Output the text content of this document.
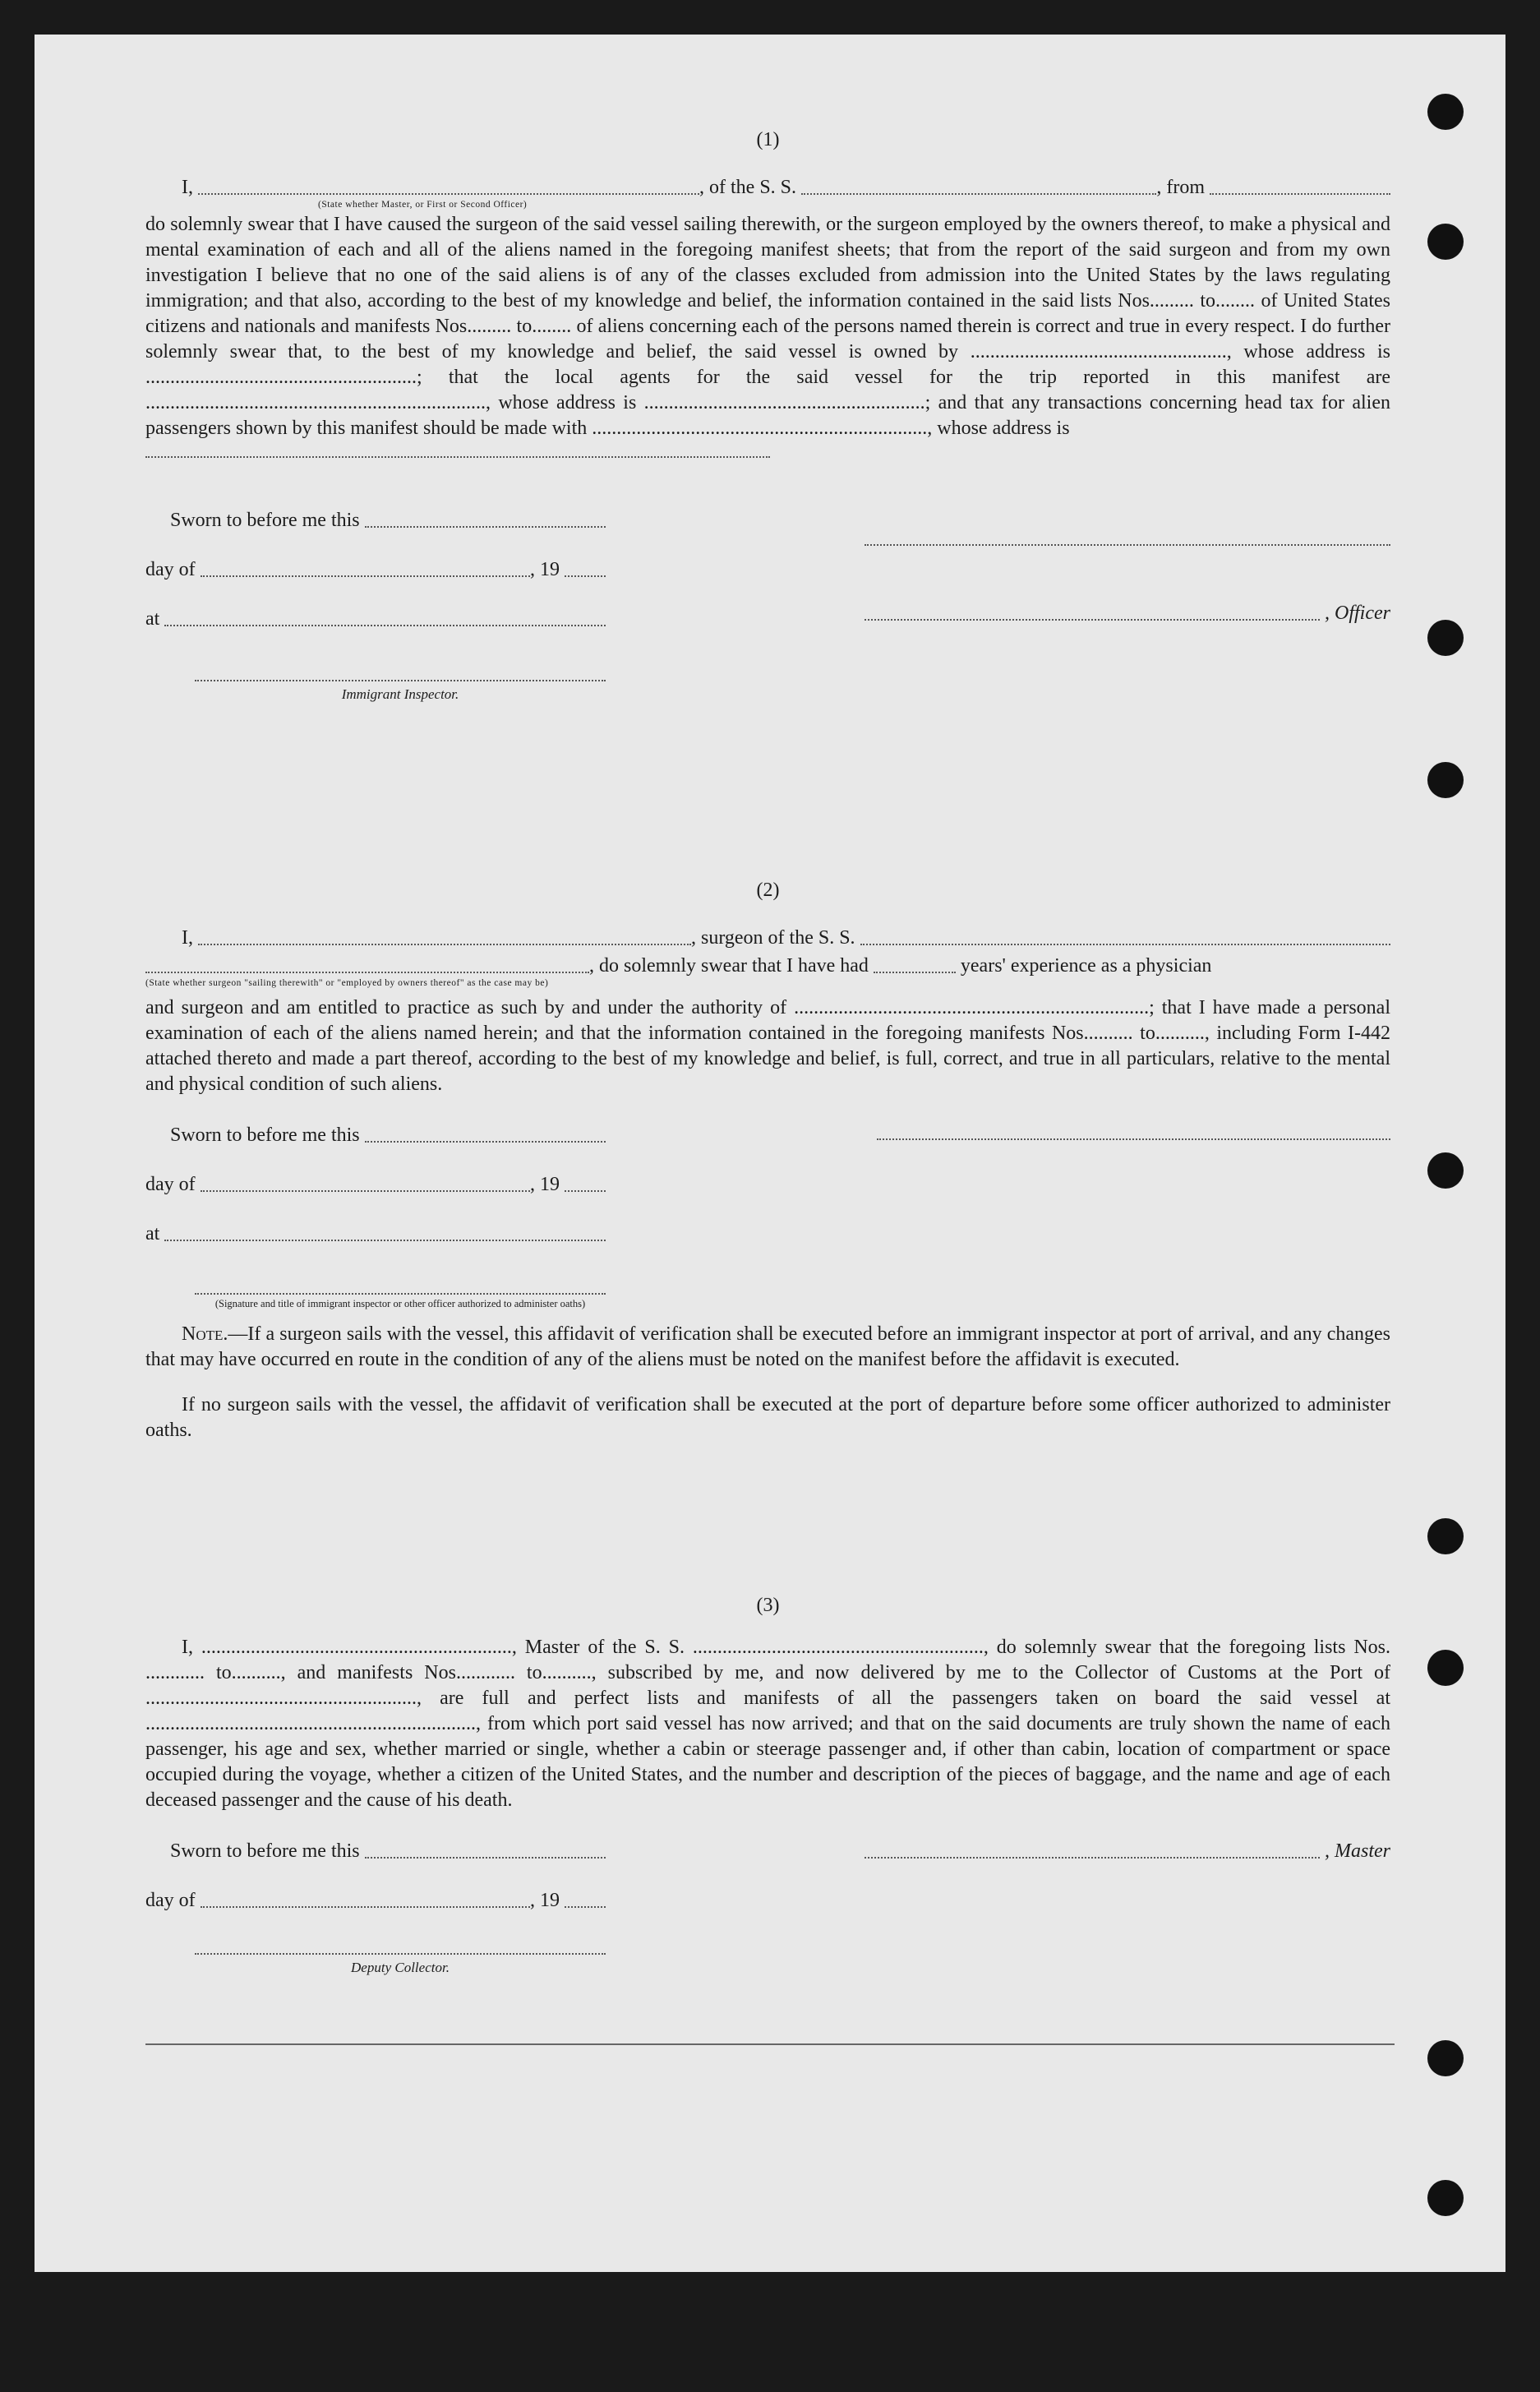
(1)
I,	, of the S. S.	, from
(State whether Master, or First or Second Officer)

do solemnly swear that I have caused the surgeon of the said vessel sailing therewith, or the surgeon employed by the owners thereof, to make a physical and mental examination of each and all of the aliens named in the foregoing manifest sheets; that from the report of the said surgeon and from my own investigation I believe that no one of the said aliens is of any of the classes excluded from admission into the United States by the laws regulating immigration; and that also, according to the best of my knowledge and belief, the information contained in the said lists Nos......... to........ of United States citizens and nationals and manifests Nos......... to........ of aliens concerning each of the persons named therein is correct and true in every respect. I do further solemnly swear that, to the best of my knowledge and belief, the said vessel is owned by ...................................................., whose address is .......................................................; that the local agents for the said vessel for the trip reported in this manifest are ....................................................................., whose address is .........................................................; and that any transactions concerning head tax for alien passengers shown by this manifest should be made with ...................................................................., whose address is

Sworn to before me this
day of	, 19
at
Immigrant Inspector.
, Officer
(2)
I,	, surgeon of the S. S.
, do solemnly swear that I have had	years' experience as a physician
(State whether surgeon "sailing therewith" or "employed by owners thereof" as the case may be)

and surgeon and am entitled to practice as such by and under the authority of ........................................................................; that I have made a personal examination of each of the aliens named herein; and that the information contained in the foregoing manifests Nos.......... to.........., including Form I-442 attached thereto and made a part thereof, according to the best of my knowledge and belief, is full, correct, and true in all particulars, relative to the mental and physical condition of such aliens.

Sworn to before me this
day of	, 19
at
(Signature and title of immigrant inspector or other officer authorized to administer oaths)

Note.—If a surgeon sails with the vessel, this affidavit of verification shall be executed before an immigrant inspector at port of arrival, and any changes that may have occurred en route in the condition of any of the aliens must be noted on the manifest before the affidavit is executed.

If no surgeon sails with the vessel, the affidavit of verification shall be executed at the port of departure before some officer authorized to administer oaths.

(3)

I, ..............................................................., Master of the S. S. ..........................................................., do solemnly swear that the foregoing lists Nos. ............ to.........., and manifests Nos............ to.........., subscribed by me, and now delivered by me to the Collector of Customs at the Port of ......................................................., are full and perfect lists and manifests of all the passengers taken on board the said vessel at ..................................................................., from which port said vessel has now arrived; and that on the said documents are truly shown the name of each passenger, his age and sex, whether married or single, whether a cabin or steerage passenger and, if other than cabin, location of compartment or space occupied during the voyage, whether a citizen of the United States, and the number and description of the pieces of baggage, and the name and age of each deceased passenger and the cause of his death.

Sworn to before me this
day of	, 19
Deputy Collector.
, Master
